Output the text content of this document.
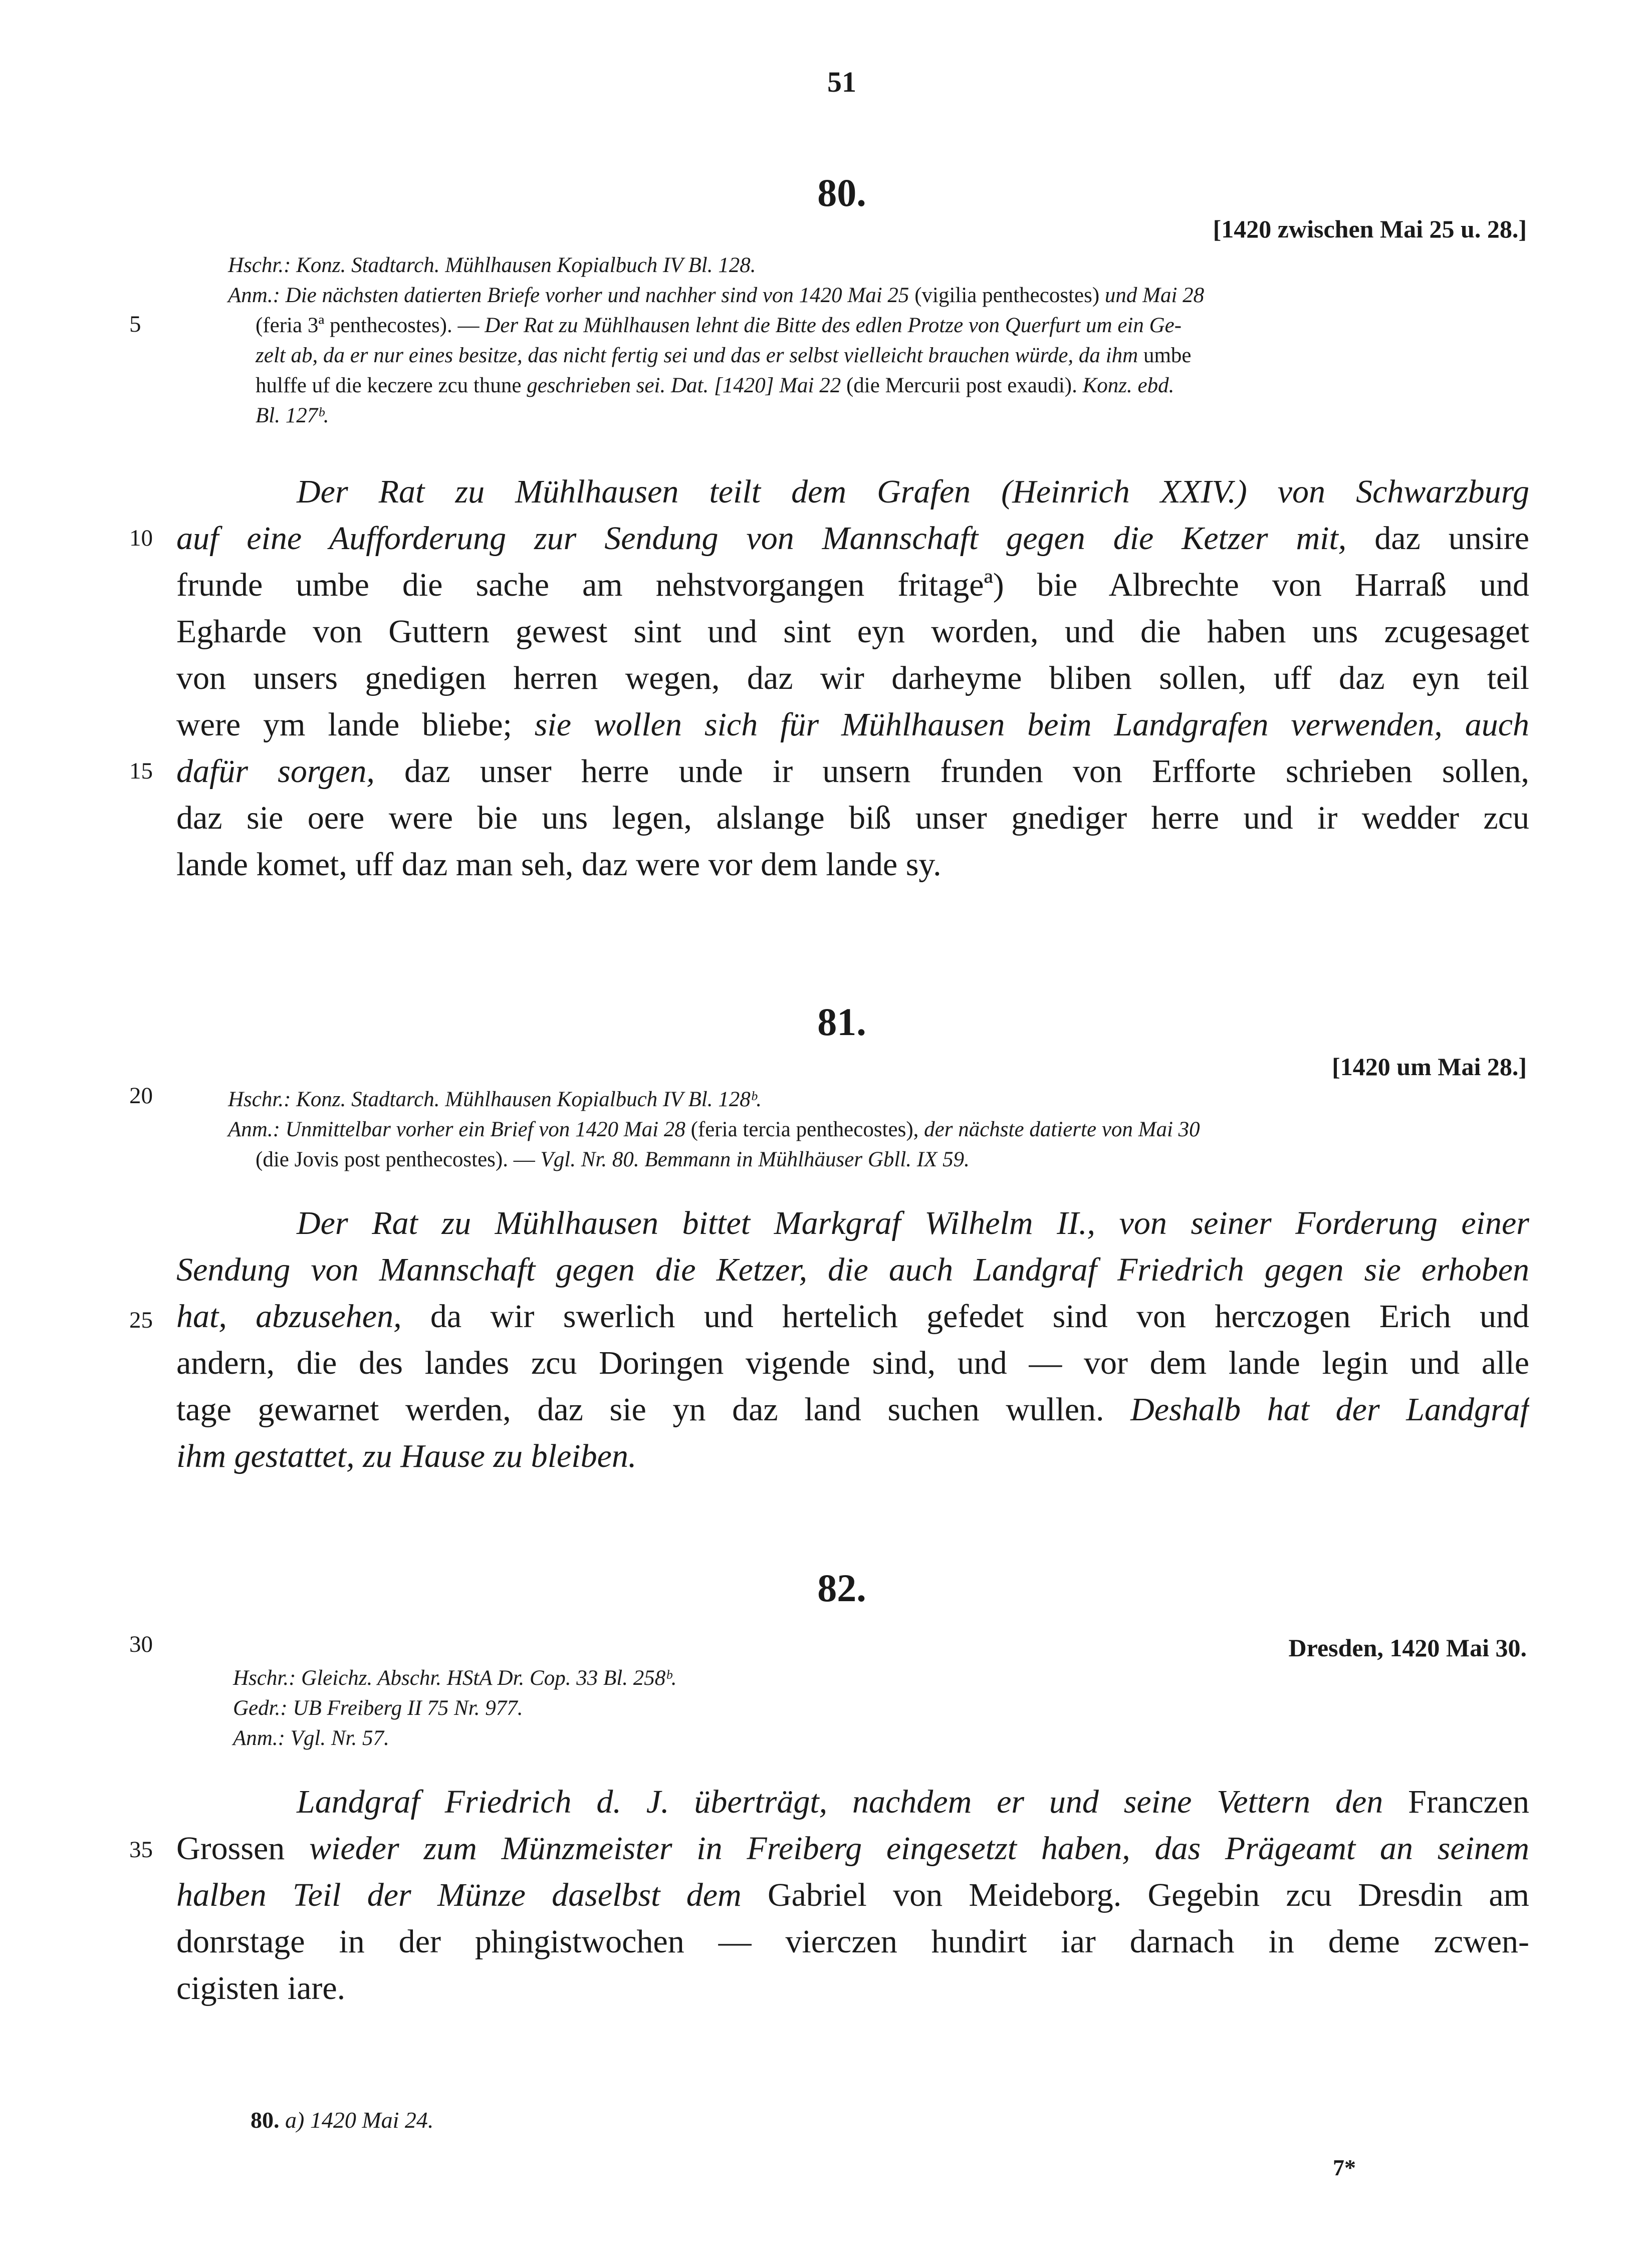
51
80.
[1420 zwischen Mai 25 u. 28.]
Hschr.: Konz. Stadtarch. Mühlhausen Kopialbuch IV Bl. 128.
Anm.: Die nächsten datierten Briefe vorher und nachher sind von 1420 Mai 25 (vigilia penthecostes) und Mai 28
(feria 3ª penthecostes). — Der Rat zu Mühlhausen lehnt die Bitte des edlen Protze von Querfurt um ein Ge-
zelt ab, da er nur eines besitze, das nicht fertig sei und das er selbst vielleicht brauchen würde, da ihm umbe
hulffe uf die keczere zcu thune geschrieben sei. Dat. [1420] Mai 22 (die Mercurii post exaudi). Konz. ebd.
Bl. 127ᵇ.
Der Rat zu Mühlhausen teilt dem Grafen (Heinrich XXIV.) von Schwarzburg
auf eine Aufforderung zur Sendung von Mannschaft gegen die Ketzer mit, daz unsire
frunde umbe die sache am nehstvorgangen fritageª) bie Albrechte von Harraß und
Egharde von Guttern gewest sint und sint eyn worden, und die haben uns zcugesaget
von unsers gnedigen herren wegen, daz wir darheyme bliben sollen, uff daz eyn teil
were ym lande bliebe; sie wollen sich für Mühlhausen beim Landgrafen verwenden, auch
dafür sorgen, daz unser herre unde ir unsern frunden von Erfforte schrieben sollen,
daz sie oere were bie uns legen, alslange biß unser gnediger herre und ir wedder zcu
lande komet, uff daz man seh, daz were vor dem lande sy.
81.
[1420 um Mai 28.]
Hschr.: Konz. Stadtarch. Mühlhausen Kopialbuch IV Bl. 128ᵇ.
Anm.: Unmittelbar vorher ein Brief von 1420 Mai 28 (feria tercia penthecostes), der nächste datierte von Mai 30
(die Jovis post penthecostes). — Vgl. Nr. 80. Bemmann in Mühlhäuser Gbll. IX 59.
Der Rat zu Mühlhausen bittet Markgraf Wilhelm II., von seiner Forderung einer
Sendung von Mannschaft gegen die Ketzer, die auch Landgraf Friedrich gegen sie erhoben
hat, abzusehen, da wir swerlich und hertelich gefedet sind von herczogen Erich und
andern, die des landes zcu Doringen vigende sind, und — vor dem lande legin und alle
tage gewarnet werden, daz sie yn daz land suchen wullen. Deshalb hat der Landgraf
ihm gestattet, zu Hause zu bleiben.
82.
Dresden, 1420 Mai 30.
Hschr.: Gleichz. Abschr. HStA Dr. Cop. 33 Bl. 258ᵇ.
Gedr.: UB Freiberg II 75 Nr. 977.
Anm.: Vgl. Nr. 57.
Landgraf Friedrich d. J. überträgt, nachdem er und seine Vettern den Franczen
Grossen wieder zum Münzmeister in Freiberg eingesetzt haben, das Prägeamt an seinem
halben Teil der Münze daselbst dem Gabriel von Meideborg. Gegebin zcu Dresdin am
donrstage in der phingistwochen — vierczen hundirt iar darnach in deme zcwen-
cigisten iare.
5
10
15
20
25
30
35
80. a) 1420 Mai 24.
7*
